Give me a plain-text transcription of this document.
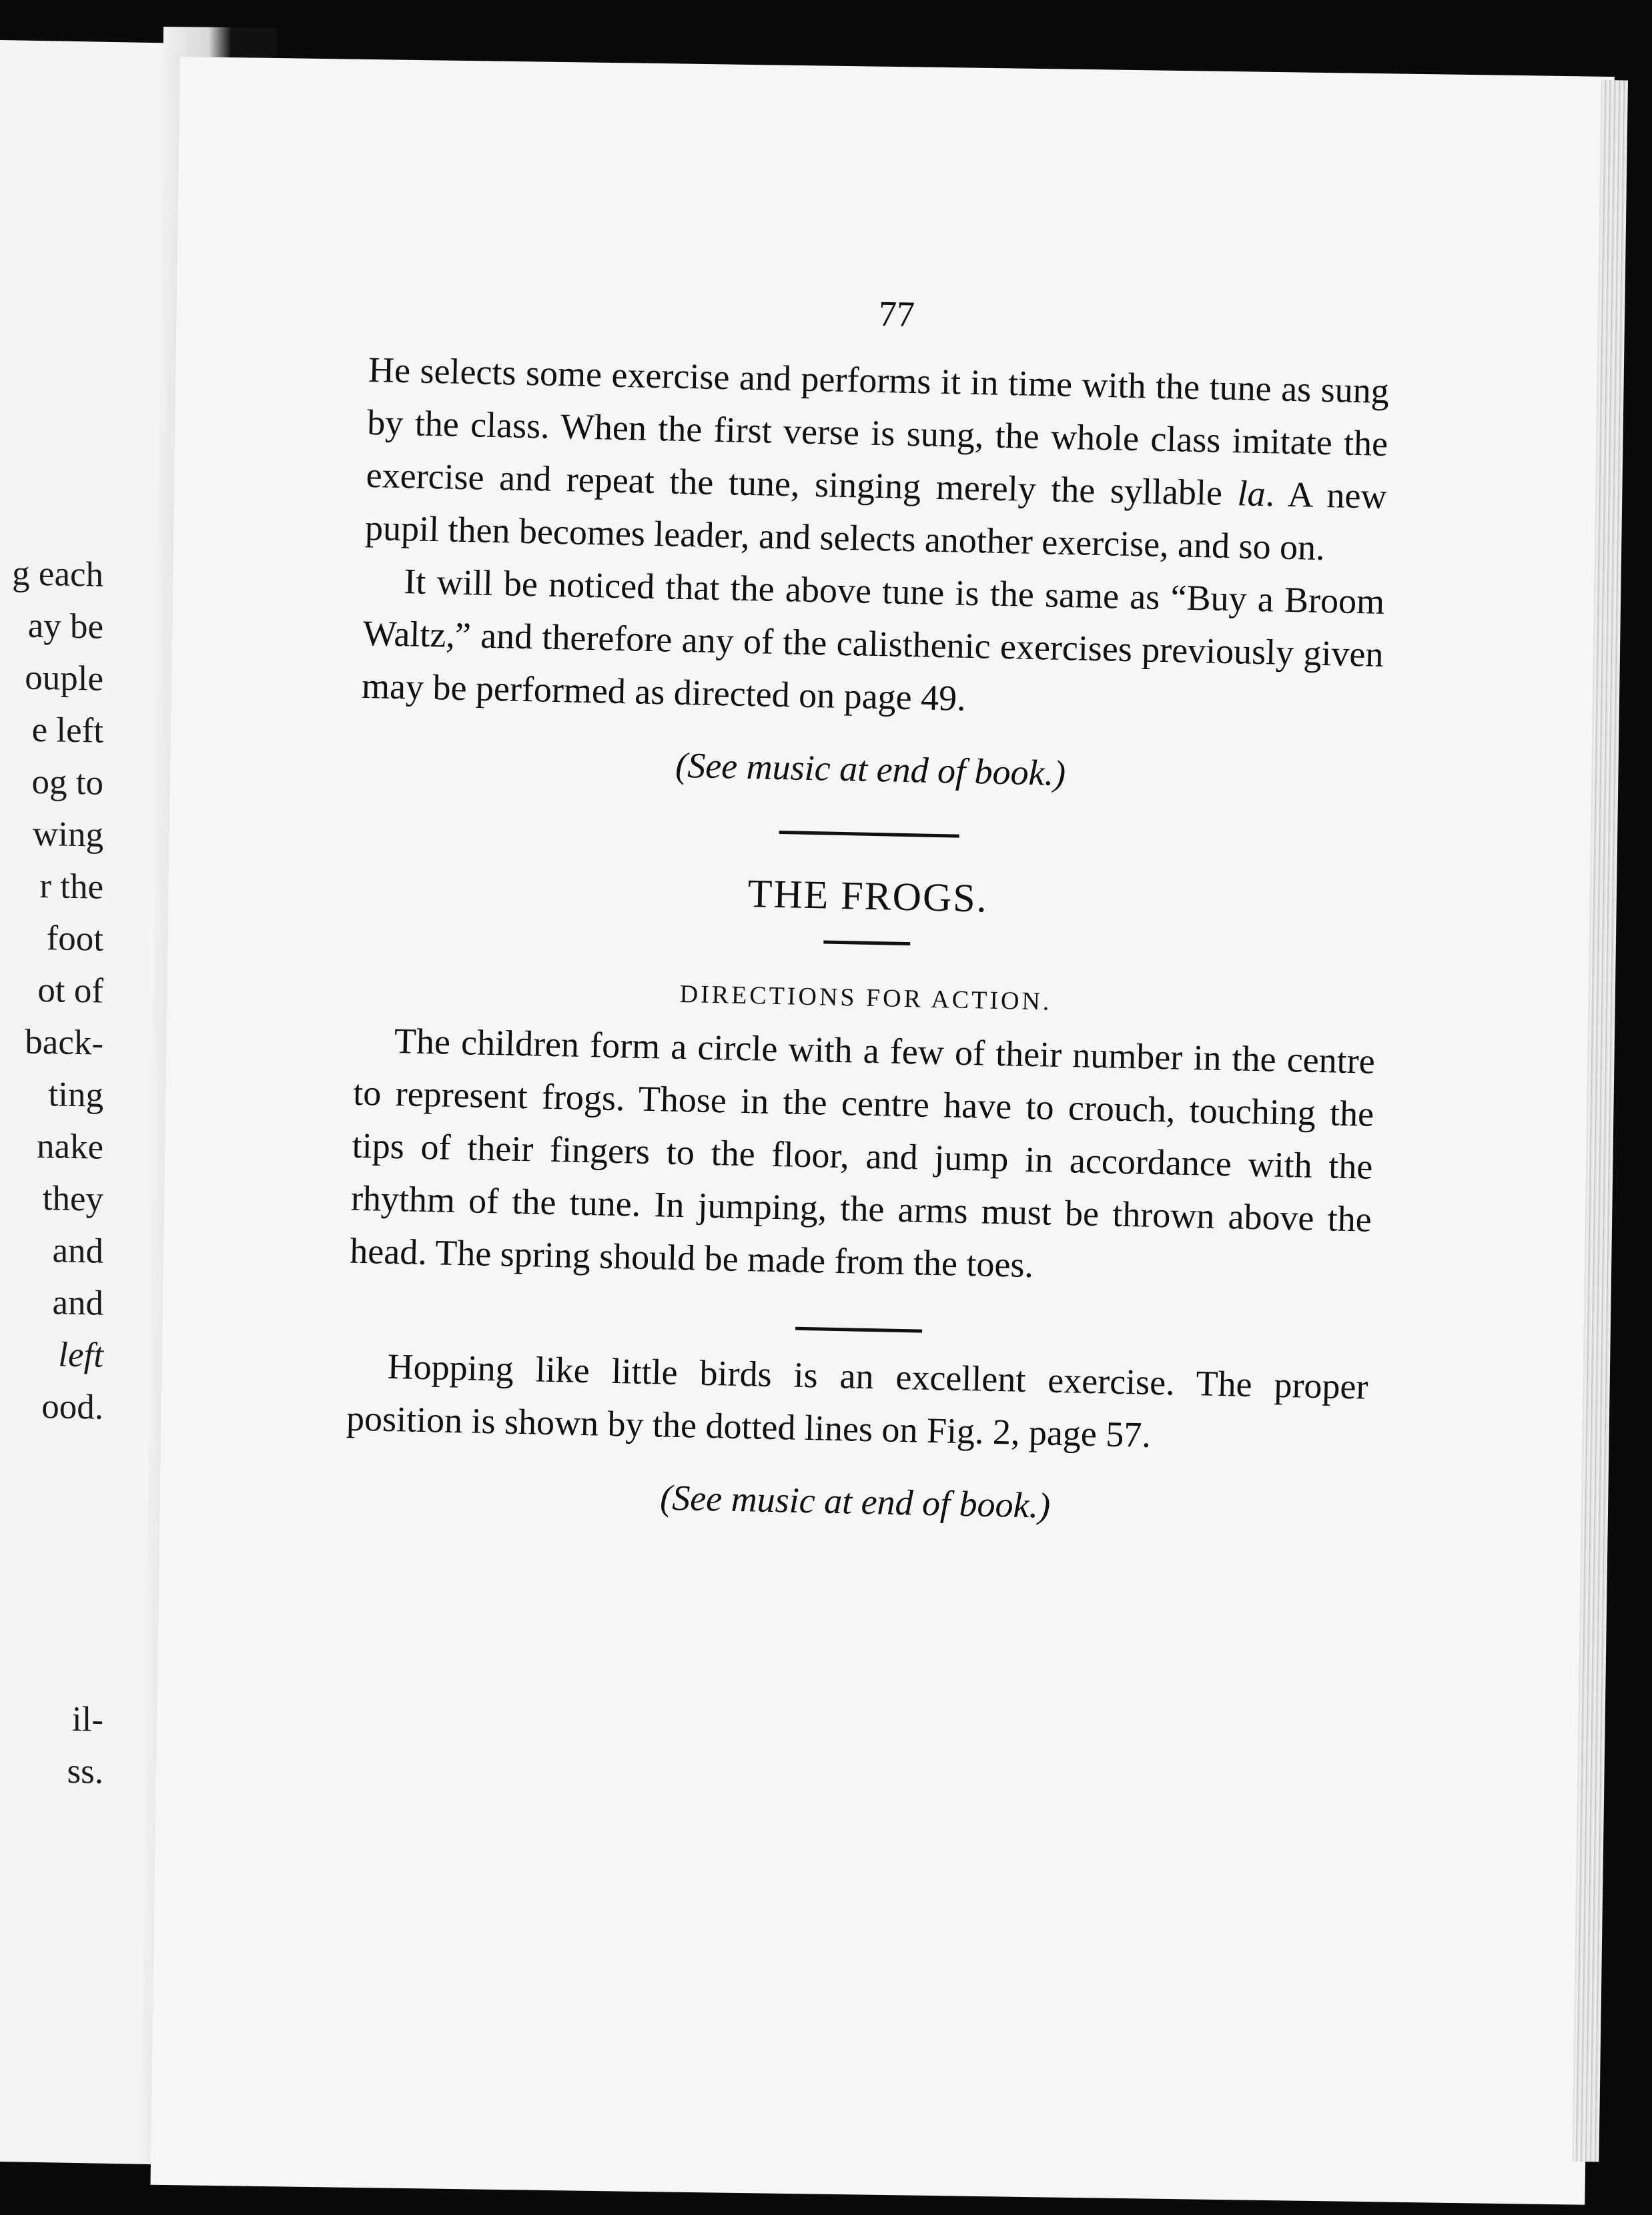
g each
ay be
ouple
e left
og to
wing
r the
foot
ot of
back-
ting
nake
they
and
and
left
ood.
il-
ss.
77

He selects some exercise and performs it in time with the tune as sung by the class. When the first verse is sung, the whole class imitate the exercise and repeat the tune, singing merely the syllable la. A new pupil then becomes leader, and selects another exercise, and so on.

It will be noticed that the above tune is the same as “Buy a Broom Waltz,” and therefore any of the calisthenic exercises previously given may be performed as directed on page 49.

(See music at end of book.)

THE FROGS.
DIRECTIONS FOR ACTION.

The children form a circle with a few of their number in the centre to represent frogs. Those in the centre have to crouch, touching the tips of their fingers to the floor, and jump in accordance with the rhythm of the tune. In jumping, the arms must be thrown above the head. The spring should be made from the toes.

Hopping like little birds is an excellent exercise. The proper position is shown by the dotted lines on Fig. 2, page 57.

(See music at end of book.)
